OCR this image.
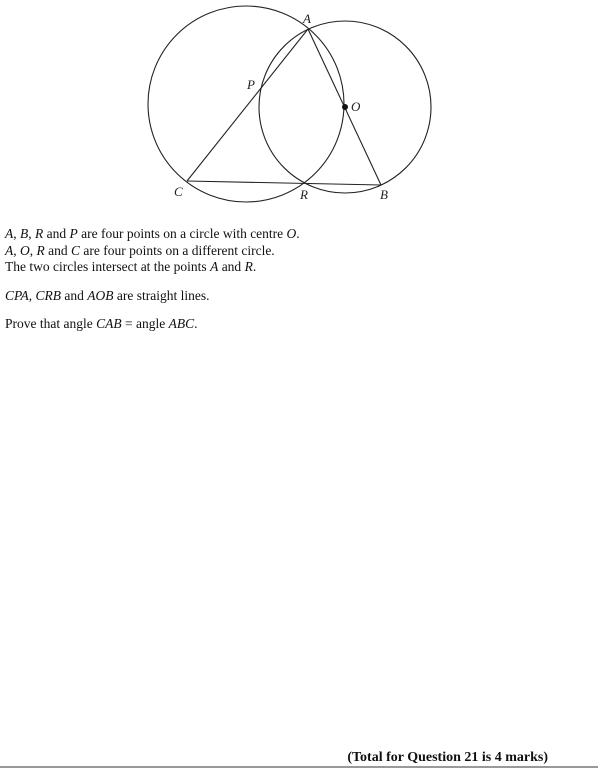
A
O
P
C	R	B

A, B, R and P are four points on a circle with centre O.

A, O, R and C are four points on a different circle.

The two circles intersect at the points A and R.

CPA, CRB and AOB are straight lines.

Prove that angle CAB = angle ABC.

(Total for Question 21 is 4 marks)
